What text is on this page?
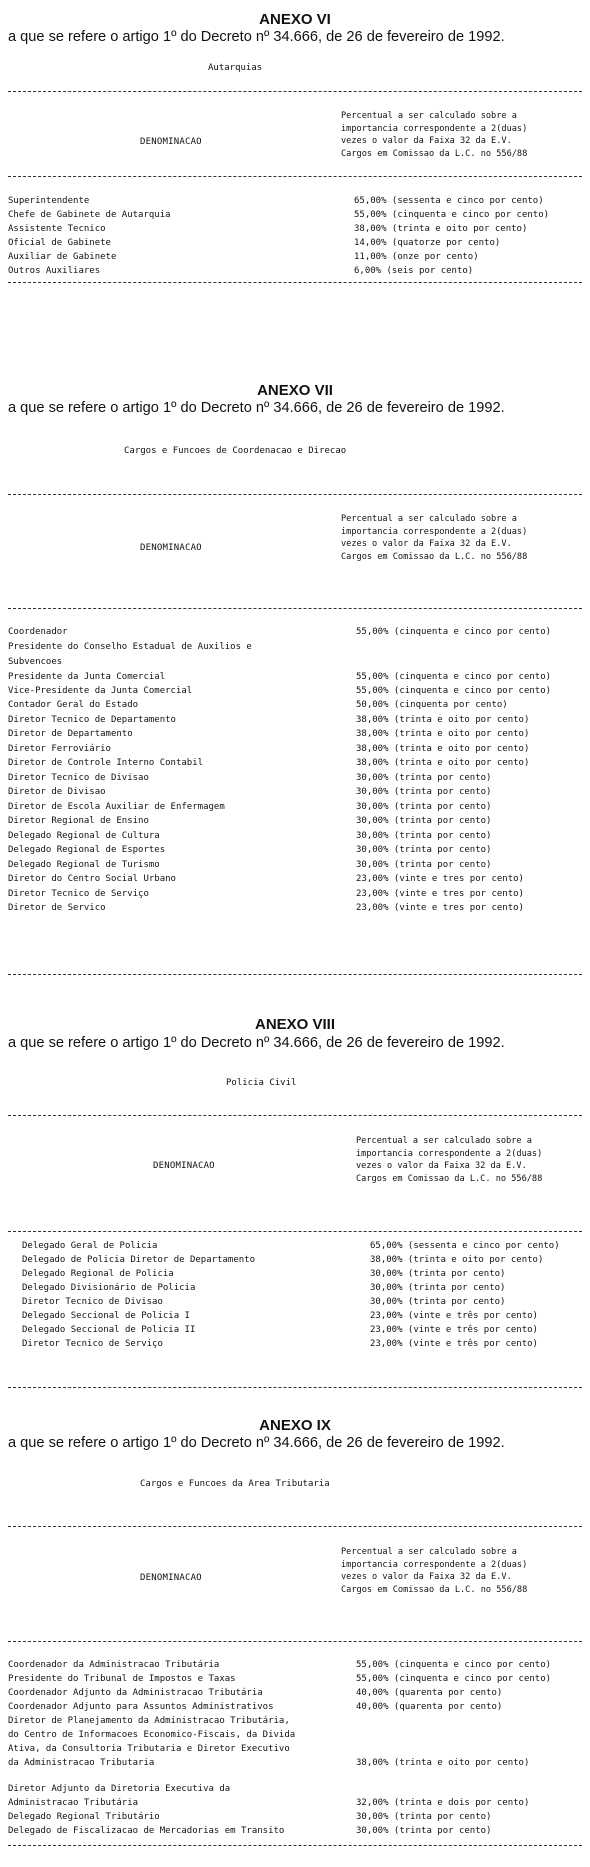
ANEXO VI
a que se refere o artigo 1º do Decreto nº 34.666, de 26 de fevereiro de 1992.
Autarquias
DENOMINACAO
Percentual a ser calculado sobre a
importancia correspondente a 2(duas)
vezes o valor da Faixa 32 da E.V.
Cargos em Comissao da L.C. no 556/88
Superintendente	65,00% (sessenta e cinco por cento)
Chefe de Gabinete de Autarquia	55,00% (cinquenta e cinco por cento)
Assistente Tecnico	38,00% (trinta e oito por cento)
Oficial de Gabinete	14,00% (quatorze por cento)
Auxiliar de Gabinete	11,00% (onze por cento)
Outros Auxiliares	6,00% (seis por cento)
ANEXO VII
a que se refere o artigo 1º do Decreto nº 34.666, de 26 de fevereiro de 1992.
Cargos e Funcoes de Coordenacao e Direcao
DENOMINACAO
Percentual a ser calculado sobre a
importancia correspondente a 2(duas)
vezes o valor da Faixa 32 da E.V.
Cargos em Comissao da L.C. no 556/88
Coordenador	55,00% (cinquenta e cinco por cento)
Presidente do Conselho Estadual de Auxilios e
Subvencoes
Presidente da Junta Comercial	55,00% (cinquenta e cinco por cento)
Vice-Presidente da Junta Comercial	55,00% (cinquenta e cinco por cento)
Contador Geral do Estado	50,00% (cinquenta por cento)
Diretor Tecnico de Departamento	38,00% (trinta e oito por cento)
Diretor de Departamento	38,00% (trinta e oito por cento)
Diretor Ferroviário	38,00% (trinta e oito por cento)
Diretor de Controle Interno Contabil	38,00% (trinta e oito por cento)
Diretor Tecnico de Divisao	30,00% (trinta por cento)
Diretor de Divisao	30,00% (trinta por cento)
Diretor de Escola Auxiliar de Enfermagem	30,00% (trinta por cento)
Diretor Regional de Ensino	30,00% (trinta por cento)
Delegado Regional de Cultura	30,00% (trinta por cento)
Delegado Regional de Esportes	30,00% (trinta por cento)
Delegado Regional de Turismo	30,00% (trinta por cento)
Diretor do Centro Social Urbano	23,00% (vinte e tres por cento)
Diretor Tecnico de Serviço	23,00% (vinte e tres por cento)
Diretor de Servico	23,00% (vinte e tres por cento)
ANEXO VIII
a que se refere o artigo 1º do Decreto nº 34.666, de 26 de fevereiro de 1992.
Policia Civil
DENOMINACAO
Percentual a ser calculado sobre a
importancia correspondente a 2(duas)
vezes o valor da Faixa 32 da E.V.
Cargos em Comissao da L.C. no 556/88
Delegado Geral de Policia	65,00% (sessenta e cinco por cento)
Delegado de Policia Diretor de Departamento	38,00% (trinta e oito por cento)
Delegado Regional de Policia	30,00% (trinta por cento)
Delegado Divisionário de Policia	30,00% (trinta por cento)
Diretor Tecnico de Divisao	30,00% (trinta por cento)
Delegado Seccional de Policia I	23,00% (vinte e três por cento)
Delegado Seccional de Policia II	23,00% (vinte e três por cento)
Diretor Tecnico de Serviço	23,00% (vinte e três por cento)
ANEXO IX
a que se refere o artigo 1º do Decreto nº 34.666, de 26 de fevereiro de 1992.
Cargos e Funcoes da Area Tributaria
DENOMINACAO
Percentual a ser calculado sobre a
importancia correspondente a 2(duas)
vezes o valor da Faixa 32 da E.V.
Cargos em Comissao da L.C. no 556/88
Coordenador da Administracao Tributária	55,00% (cinquenta e cinco por cento)
Presidente do Tribunal de Impostos e Taxas	55,00% (cinquenta e cinco por cento)
Coordenador Adjunto da Administracao Tributária	40,00% (quarenta por cento)
Coordenador Adjunto para Assuntos Administrativos	40,00% (quarenta por cento)
Diretor de Planejamento da Administracao Tributária,
do Centro de Informacoes Economico-Fiscais, da Divida
Ativa, da Consultoria Tributaria e Diretor Executivo
da Administracao Tributaria	38,00% (trinta e oito por cento)
Diretor Adjunto da Diretoria Executiva da
Administracao Tributária	32,00% (trinta e dois por cento)
Delegado Regional Tributário	30,00% (trinta por cento)
Delegado de Fiscalizacao de Mercadorias em Transito	30,00% (trinta por cento)
